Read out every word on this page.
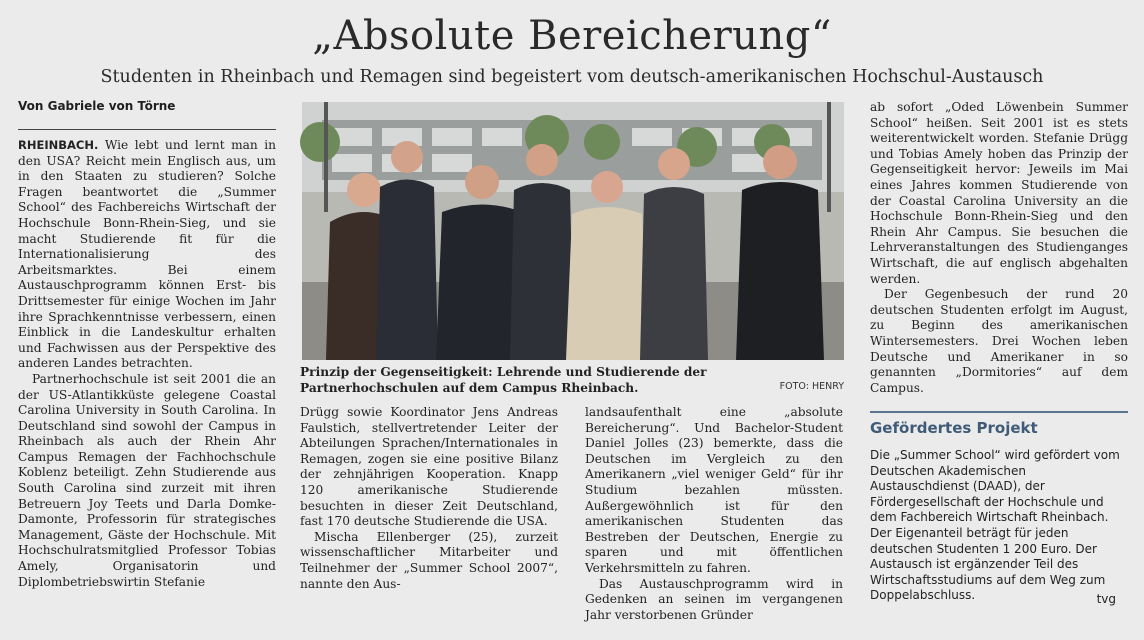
„Absolute Bereicherung“
Studenten in Rheinbach und Remagen sind begeistert vom deutsch-amerikanischen Hochschul-Austausch
Von Gabriele von Törne

RHEINBACH. Wie lebt und lernt man in den USA? Reicht mein Englisch aus, um in den Staaten zu studieren? Solche Fragen beantwortet die „Summer School“ des Fachbereichs Wirtschaft der Hochschule Bonn-Rhein-Sieg, und sie macht Studierende fit für die Internationalisierung des Arbeitsmarktes. Bei einem Austauschprogramm können Erst- bis Drittsemester für einige Wochen im Jahr ihre Sprachkenntnisse verbessern, einen Einblick in die Landeskultur erhalten und Fachwissen aus der Perspektive des anderen Landes betrachten.

Partnerhochschule ist seit 2001 die an der US-Atlantikküste gelegene Coastal Carolina University in South Carolina. In Deutschland sind sowohl der Campus in Rheinbach als auch der Rhein Ahr Campus Remagen der Fachhochschule Koblenz beteiligt. Zehn Studierende aus South Carolina sind zurzeit mit ihren Betreuern Joy Teets und Darla Domke-Damonte, Professorin für strategisches Management, Gäste der Hochschule. Mit Hochschulratsmitglied Professor Tobias Amely, Organisatorin und Diplombetriebswirtin Stefanie

Prinzip der Gegenseitigkeit: Lehrende und Studierende der Partnerhochschulen auf dem Campus Rheinbach.	FOTO: HENRY

Drügg sowie Koordinator Jens Andreas Faulstich, stellvertretender Leiter der Abteilungen Sprachen/Internationales in Remagen, zogen sie eine positive Bilanz der zehnjährigen Kooperation. Knapp 120 amerikanische Studierende besuchten in dieser Zeit Deutschland, fast 170 deutsche Studierende die USA.

Mischa Ellenberger (25), zurzeit wissenschaftlicher Mitarbeiter und Teilnehmer der „Summer School 2007“, nannte den Aus-

landsaufenthalt eine „absolute Bereicherung“. Und Bachelor-Student Daniel Jolles (23) bemerkte, dass die Deutschen im Vergleich zu den Amerikanern „viel weniger Geld“ für ihr Studium bezahlen müssten. Außergewöhnlich ist für den amerikanischen Studenten das Bestreben der Deutschen, Energie zu sparen und mit öffentlichen Verkehrsmitteln zu fahren.

Das Austauschprogramm wird in Gedenken an seinen im vergangenen Jahr verstorbenen Gründer

ab sofort „Oded Löwenbein Summer School“ heißen. Seit 2001 ist es stets weiterentwickelt worden. Stefanie Drügg und Tobias Amely hoben das Prinzip der Gegenseitigkeit hervor: Jeweils im Mai eines Jahres kommen Studierende von der Coastal Carolina University an die Hochschule Bonn-Rhein-Sieg und den Rhein Ahr Campus. Sie besuchen die Lehrveranstaltungen des Studienganges Wirtschaft, die auf englisch abgehalten werden.

Der Gegenbesuch der rund 20 deutschen Studenten erfolgt im August, zu Beginn des amerikanischen Wintersemesters. Drei Wochen leben Deutsche und Amerikaner in so genannten „Dormitories“ auf dem Campus.

Gefördertes Projekt

Die „Summer School“ wird gefördert vom Deutschen Akademischen Austauschdienst (DAAD), der Fördergesellschaft der Hochschule und dem Fachbereich Wirtschaft Rheinbach. Der Eigenanteil beträgt für jeden deutschen Studenten 1 200 Euro. Der Austausch ist ergänzender Teil des Wirtschaftsstudiums auf dem Weg zum Doppelabschluss.	tvg
